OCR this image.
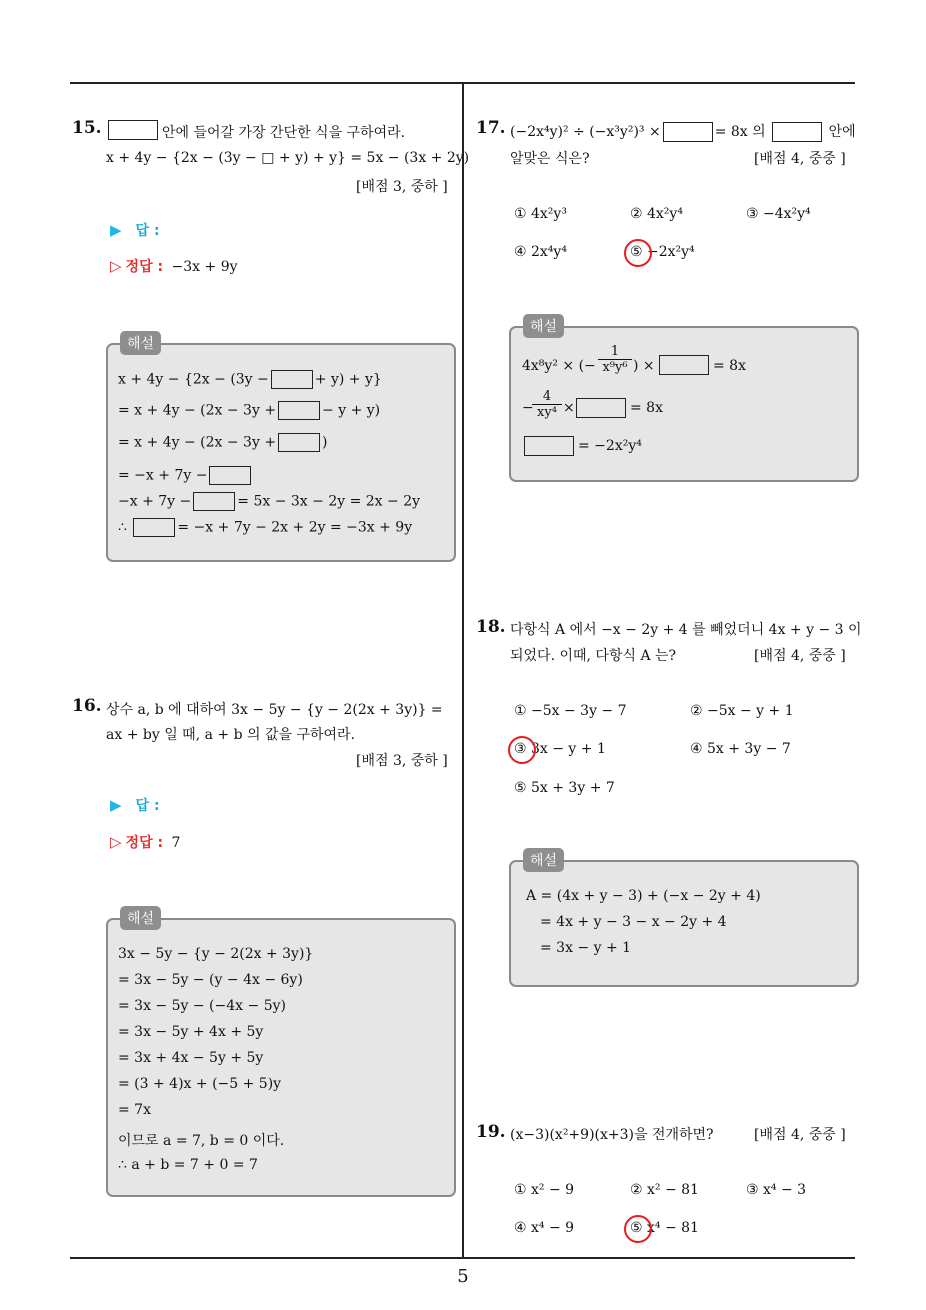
15.	안에 들어갈 가장 간단한 식을 구하여라.
x + 4y − {2x − (3y − □ + y) + y} = 5x − (3x + 2y)
[배점 3, 중하 ]
▶ 답 :
▷ 정답 : −3x + 9y
해설
x + 4y − {2x − (3y −	+ y) + y}
= x + 4y − (2x − 3y +	− y + y)
= x + 4y − (2x − 3y +	)
= −x + 7y −
−x + 7y −	= 5x − 3x − 2y = 2x − 2y
∴	= −x + 7y − 2x + 2y = −3x + 9y
16. 상수 a, b 에 대하여 3x − 5y − {y − 2(2x + 3y)} =
ax + by 일 때, a + b 의 값을 구하여라.
[배점 3, 중하 ]
▶ 답 :
▷ 정답 : 7
해설
3x − 5y − {y − 2(2x + 3y)}
= 3x − 5y − (y − 4x − 6y)
= 3x − 5y − (−4x − 5y)
= 3x − 5y + 4x + 5y
= 3x + 4x − 5y + 5y
= (3 + 4)x + (−5 + 5)y
= 7x
이므로 a = 7, b = 0 이다.
∴ a + b = 7 + 0 = 7
17. (−2x⁴y)² ÷ (−x³y²)³ ×	= 8x 의	안에
알맞은 식은?	[배점 4, 중중 ]
① 4x²y³	② 4x²y⁴	③ −4x²y⁴
④ 2x⁴y⁴	⑤ −2x²y⁴
해설
4x⁸y² × (− $\frac{1}{\text{x⁹y⁶}}$ ) ×	= 8x
−
$\frac{4}{\text{xy⁴}}$ ×	= 8x
= −2x²y⁴
18. 다항식 A 에서 −x − 2y + 4 를 빼었더니 4x + y − 3 이
되었다. 이때, 다항식 A 는?	[배점 4, 중중 ]
① −5x − 3y − 7	② −5x − y + 1
③ 3x − y + 1	④ 5x + 3y − 7
⑤ 5x + 3y + 7
해설
A = (4x + y − 3) + (−x − 2y + 4)
= 4x + y − 3 − x − 2y + 4
= 3x − y + 1
19. (x−3)(x²+9)(x+3)을 전개하면?	[배점 4, 중중 ]
① x² − 9	② x² − 81	③ x⁴ − 3
④ x⁴ − 9	⑤ x⁴ − 81
5
